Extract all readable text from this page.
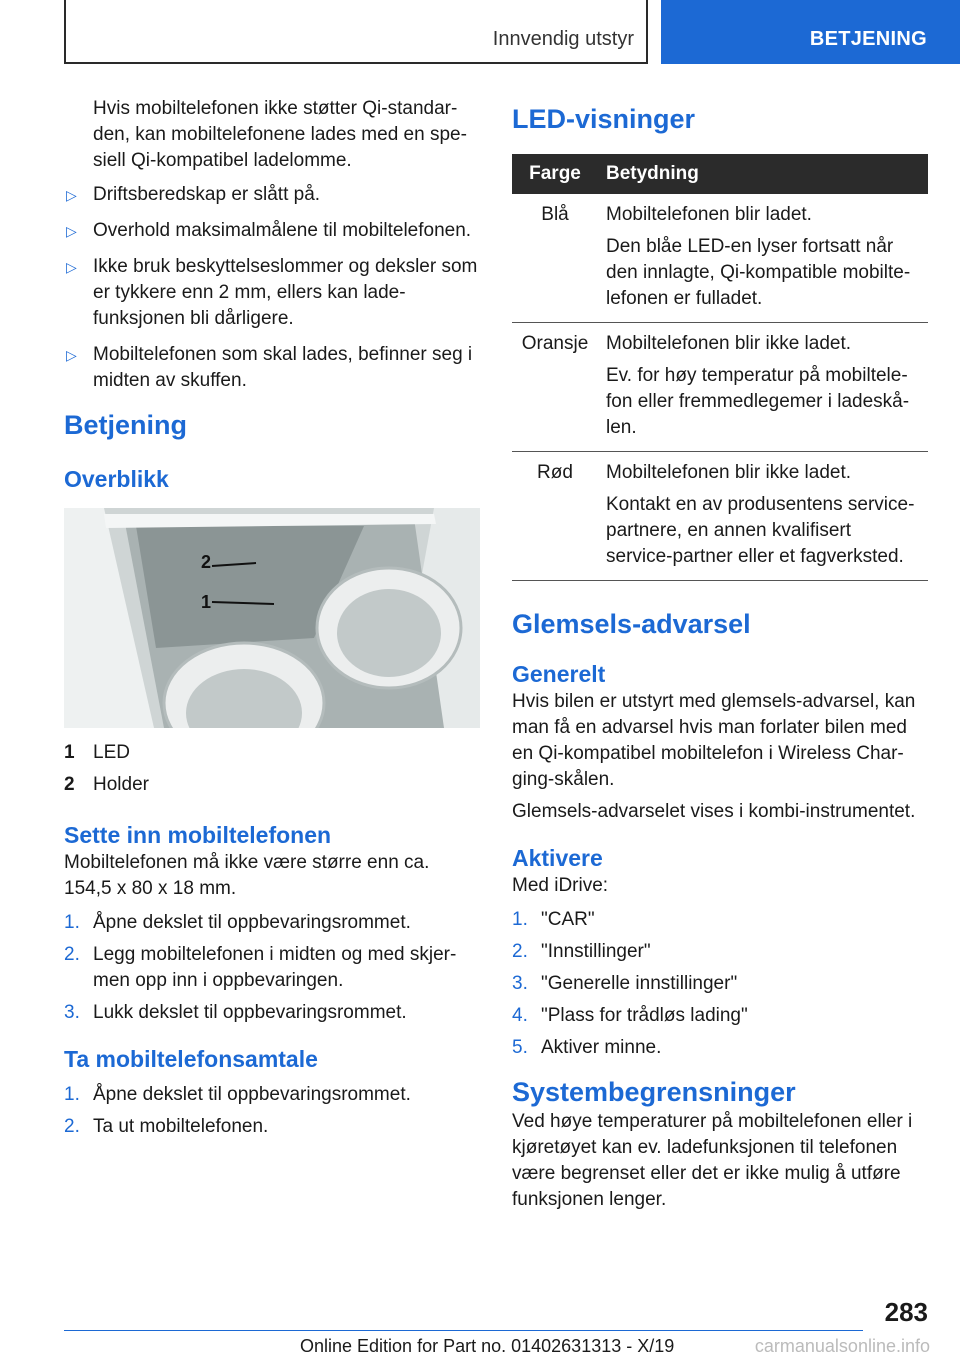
Innvendig utstyr	BETJENING

Hvis mobiltelefonen ikke støtter Qi-standar-den, kan mobiltelefonene lades med en spe-siell Qi-kompatibel ladelomme.

▷ Driftsberedskap er slått på.
▷ Overhold maksimalmålene til mobiltelefonen.
▷ Ikke bruk beskyttelseslommer og deksler som er tykkere enn 2 mm, ellers kan lade-funksjonen bli dårligere.
▷ Mobiltelefonen som skal lades, befinner seg i midten av skuffen.
Betjening
Overblikk
2
1
1 LED
2 Holder
Sette inn mobiltelefonen

Mobiltelefonen må ikke være større enn ca. 154,5 x 80 x 18 mm.

1. Åpne dekslet til oppbevaringsrommet.
2. Legg mobiltelefonen i midten og med skjer-men opp inn i oppbevaringen.
3. Lukk dekslet til oppbevaringsrommet.
Ta mobiltelefonsamtale
1. Åpne dekslet til oppbevaringsrommet.
2. Ta ut mobiltelefonen.
LED-visninger
Farge	Betydning
Blå	Mobiltelefonen blir ladet.

Den blåe LED-en lyser fortsatt når den innlagte, Qi-kompatible mobilte-lefonen er fulladet.

Oransje	Mobiltelefonen blir ikke ladet.

Ev. for høy temperatur på mobiltele-fon eller fremmedlegemer i ladeskå-len.

Rød	Mobiltelefonen blir ikke ladet.

Kontakt en av produsentens service-partnere, en annen kvalifisert service-partner eller et fagverksted.

Glemsels-advarsel
Generelt

Hvis bilen er utstyrt med glemsels-advarsel, kan man få en advarsel hvis man forlater bilen med en Qi-kompatibel mobiltelefon i Wireless Char-ging-skålen.

Glemsels-advarselet vises i kombi-instrumentet.

Aktivere

Med iDrive:

1. "CAR"
2. "Innstillinger"
3. "Generelle innstillinger"
4. "Plass for trådløs lading"
5. Aktiver minne.
Systembegrensninger

Ved høye temperaturer på mobiltelefonen eller i kjøretøyet kan ev. ladefunksjonen til telefonen være begrenset eller det er ikke mulig å utføre funksjonen lenger.

283
Online Edition for Part no. 01402631313 - X/19	carmanualsonline.info
